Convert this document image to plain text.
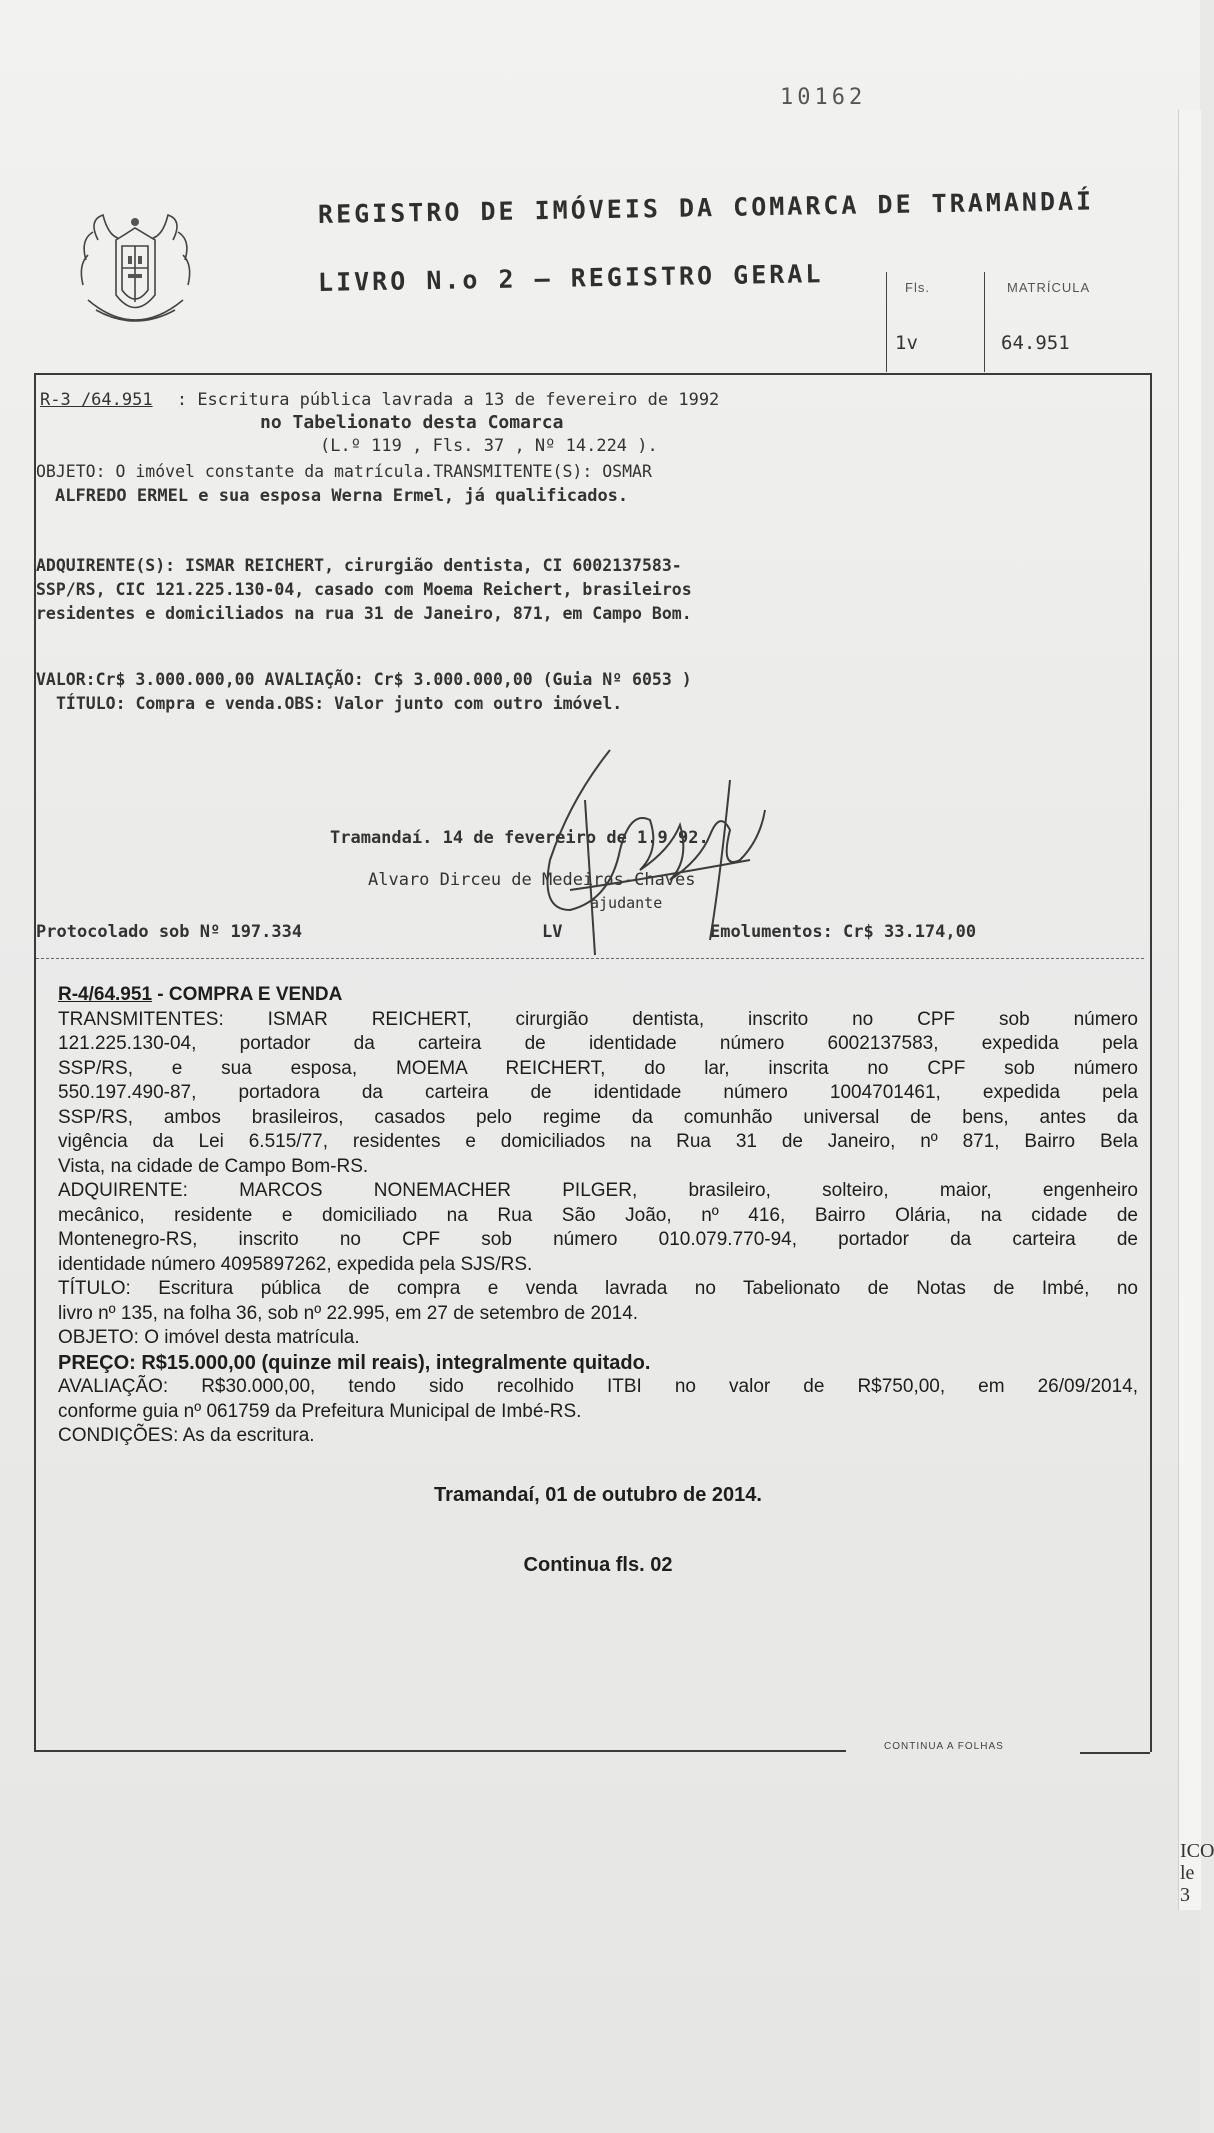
ICO
le 3
10162
REGISTRO DE IMÓVEIS DA COMARCA DE TRAMANDAÍ
LIVRO N.o 2 — REGISTRO GERAL	Fls.
1v
MATRÍCULA
64.951
R-3 /64.951 : Escritura pública lavrada a 13 de fevereiro de 1992
no Tabelionato desta Comarca
(L.º 119 , Fls. 37 , Nº 14.224 ).
OBJETO: O imóvel constante da matrícula.TRANSMITENTE(S): OSMAR
ALFREDO ERMEL e sua esposa Werna Ermel, já qualificados.
ADQUIRENTE(S): ISMAR REICHERT, cirurgião dentista, CI 6002137583-
SSP/RS, CIC 121.225.130-04, casado com Moema Reichert, brasileiros
residentes e domiciliados na rua 31 de Janeiro, 871, em Campo Bom.
VALOR:Cr$ 3.000.000,00 AVALIAÇÃO: Cr$ 3.000.000,00 (Guia Nº 6053 )
TÍTULO: Compra e venda.OBS: Valor junto com outro imóvel.
Tramandaí. 14 de fevereiro de 1.9 92.
Alvaro Dirceu de Medeiros-Chaves
ajudante
Protocolado sob Nº 197.334	LV	Emolumentos: Cr$ 33.174,00
R-4/64.951 - COMPRA E VENDA
TRANSMITENTES: ISMAR REICHERT, cirurgião dentista, inscrito no CPF sob número
121.225.130-04, portador da carteira de identidade número 6002137583, expedida pela
SSP/RS, e sua esposa, MOEMA REICHERT, do lar, inscrita no CPF sob número
550.197.490-87, portadora da carteira de identidade número 1004701461, expedida pela
SSP/RS, ambos brasileiros, casados pelo regime da comunhão universal de bens, antes da
vigência da Lei 6.515/77, residentes e domiciliados na Rua 31 de Janeiro, nº 871, Bairro Bela
Vista, na cidade de Campo Bom-RS.
ADQUIRENTE: MARCOS NONEMACHER PILGER, brasileiro, solteiro, maior, engenheiro
mecânico, residente e domiciliado na Rua São João, nº 416, Bairro Olária, na cidade de
Montenegro-RS, inscrito no CPF sob número 010.079.770-94, portador da carteira de
identidade número 4095897262, expedida pela SJS/RS.
TÍTULO: Escritura pública de compra e venda lavrada no Tabelionato de Notas de Imbé, no
livro nº 135, na folha 36, sob nº 22.995, em 27 de setembro de 2014.
OBJETO: O imóvel desta matrícula.
PREÇO: R$15.000,00 (quinze mil reais), integralmente quitado.
AVALIAÇÃO: R$30.000,00, tendo sido recolhido ITBI no valor de R$750,00, em 26/09/2014,
conforme guia nº 061759 da Prefeitura Municipal de Imbé-RS.
CONDIÇÕES: As da escritura.
Tramandaí, 01 de outubro de 2014.
Continua fls. 02
CONTINUA A FOLHAS
